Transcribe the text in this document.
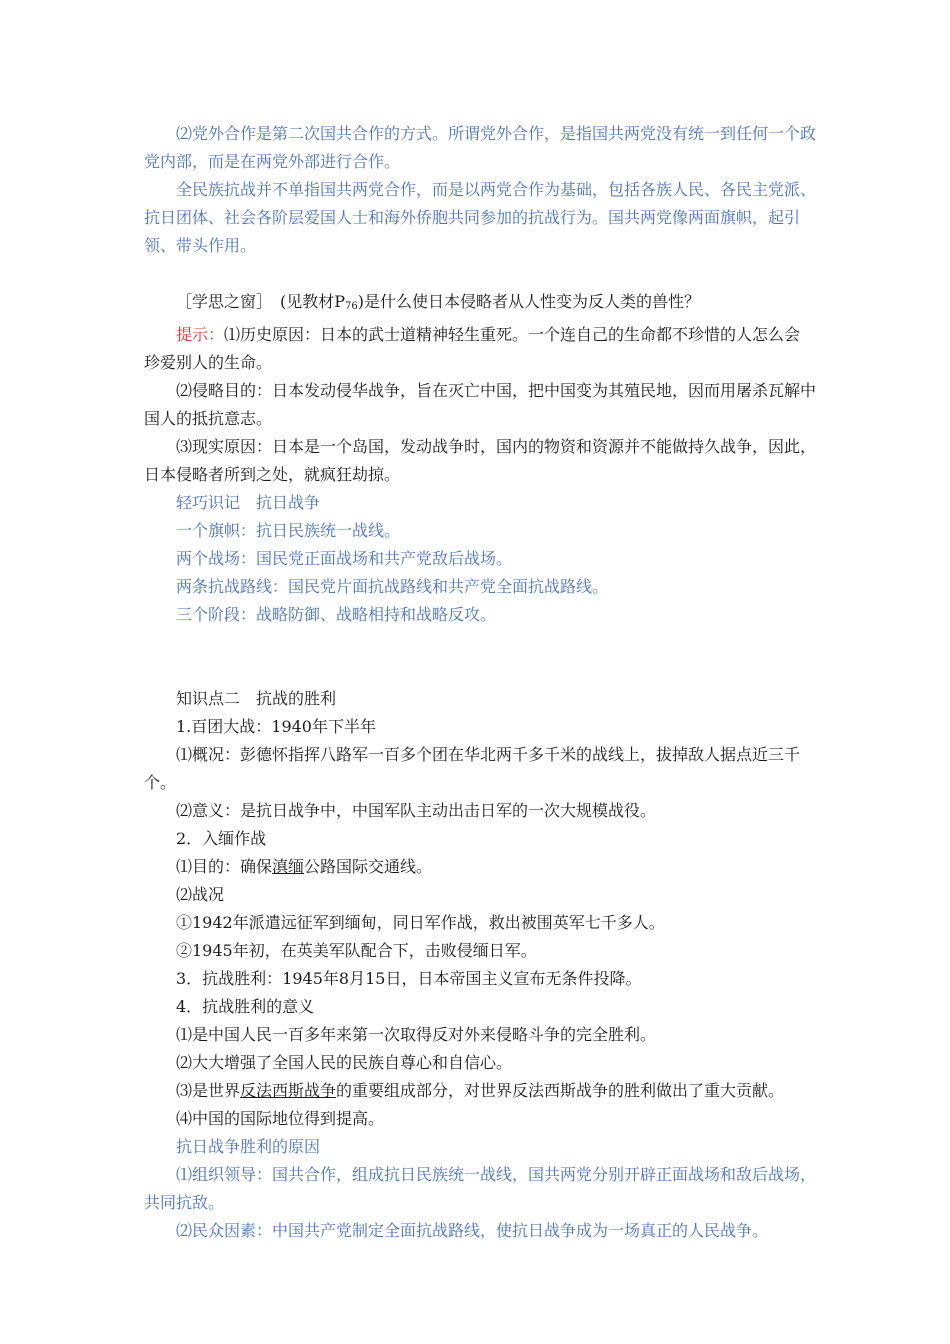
⑵党外合作是第二次国共合作的方式。所谓党外合作，是指国共两党没有统一到任何一个政党内部，而是在两党外部进行合作。

全民族抗战并不单指国共两党合作，而是以两党合作为基础，包括各族人民、各民主党派、抗日团体、社会各阶层爱国人士和海外侨胞共同参加的抗战行为。国共两党像两面旗帜，起引领、带头作用。

［学思之窗］　(见教材$P_{76}$)是什么使日本侵略者从人性变为反人类的兽性？

提示：⑴历史原因：日本的武士道精神轻生重死。一个连自己的生命都不珍惜的人怎么会珍爱别人的生命。

⑵侵略目的：日本发动侵华战争，旨在灭亡中国，把中国变为其殖民地，因而用屠杀瓦解中国人的抵抗意志。

⑶现实原因：日本是一个岛国，发动战争时，国内的物资和资源并不能做持久战争，因此，日本侵略者所到之处，就疯狂劫掠。

轻巧识记　抗日战争

一个旗帜：抗日民族统一战线。

两个战场：国民党正面战场和共产党敌后战场。

两条抗战路线：国民党片面抗战路线和共产党全面抗战路线。

三个阶段：战略防御、战略相持和战略反攻。

知识点二　抗战的胜利

1.百团大战：1940年下半年

⑴概况：彭德怀指挥八路军一百多个团在华北两千多千米的战线上，拔掉敌人据点近三千个。

⑵意义：是抗日战争中，中国军队主动出击日军的一次大规模战役。

2．入缅作战

⑴目的：确保滇缅公路国际交通线。

⑵战况

①1942年派遣远征军到缅甸，同日军作战，救出被围英军七千多人。

②1945年初，在英美军队配合下，击败侵缅日军。

3．抗战胜利：1945年8月15日，日本帝国主义宣布无条件投降。

4．抗战胜利的意义

⑴是中国人民一百多年来第一次取得反对外来侵略斗争的完全胜利。

⑵大大增强了全国人民的民族自尊心和自信心。

⑶是世界反法西斯战争的重要组成部分，对世界反法西斯战争的胜利做出了重大贡献。

⑷中国的国际地位得到提高。

抗日战争胜利的原因

⑴组织领导：国共合作，组成抗日民族统一战线，国共两党分别开辟正面战场和敌后战场，共同抗敌。

⑵民众因素：中国共产党制定全面抗战路线，使抗日战争成为一场真正的人民战争。
